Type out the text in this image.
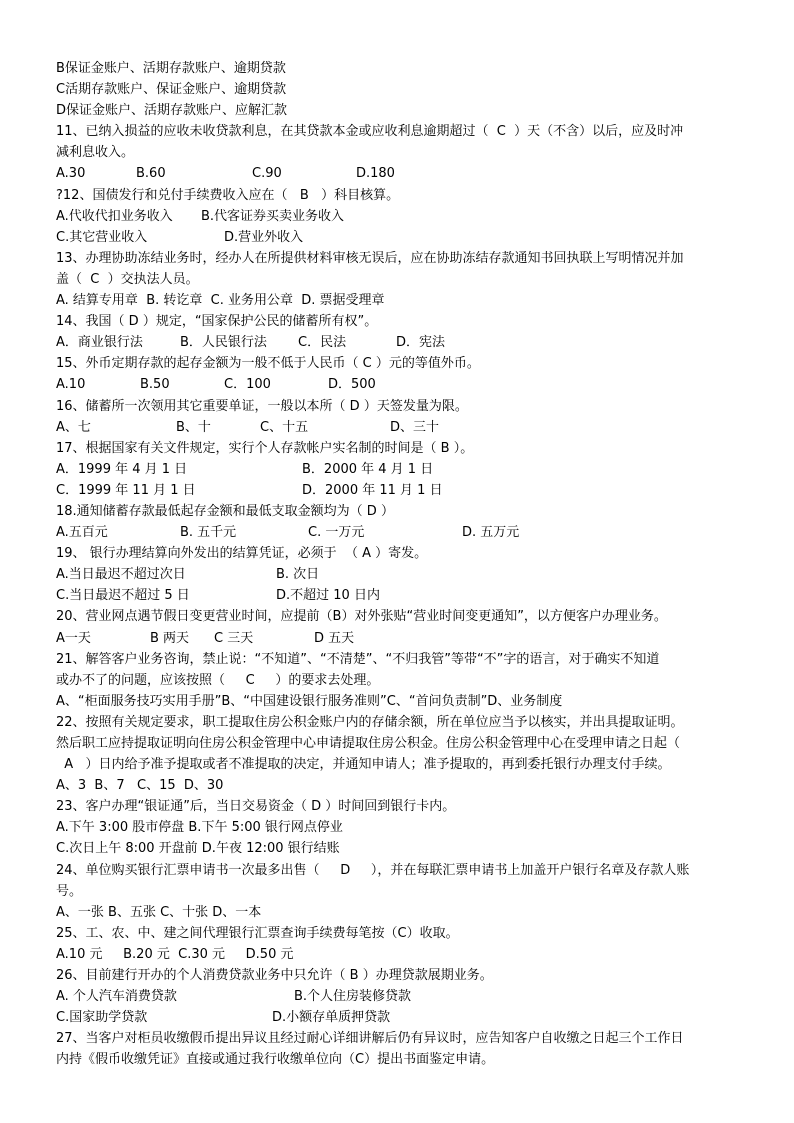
B保证金账户、活期存款账户、逾期贷款
C活期存款账户、保证金账户、逾期贷款
D保证金账户、活期存款账户、应解汇款
11、已纳入损益的应收未收贷款利息，在其贷款本金或应收利息逾期超过（  C  ）天（不含）以后，应及时冲
减利息收入。
A.30	B.60	C.90	D.180
?12、国债发行和兑付手续费收入应在（   B   ）科目核算。
A.代收代扣业务收入	B.代客证券买卖业务收入
C.其它营业收入	D.营业外收入
13、办理协助冻结业务时，经办人在所提供材料审核无误后，应在协助冻结存款通知书回执联上写明情况并加
盖（  C  ）交执法人员。
A. 结算专用章  B. 转讫章  C. 业务用公章  D. 票据受理章
14、我国（ D ）规定，“国家保护公民的储蓄所有权”。
A．商业银行法	B．人民银行法	C．民法	D．宪法
15、外币定期存款的起存金额为一般不低于人民币（ C ）元的等值外币。
A.10	B.50	C．100	D．500
16、储蓄所一次领用其它重要单证，一般以本所（ D ）天签发量为限。
A、七	B、十	C、十五	D、三十
17、根据国家有关文件规定，实行个人存款帐户实名制的时间是（ B ）。
A．1999 年 4 月 1 日	B．2000 年 4 月 1 日
C．1999 年 11 月 1 日	D．2000 年 11 月 1 日
18.通知储蓄存款最低起存金额和最低支取金额均为（ D ）
A.五百元	B. 五千元	C. 一万元	D. 五万元
19、 银行办理结算向外发出的结算凭证，必须于  （ A ）寄发。
A.当日最迟不超过次日	B. 次日
C.当日最迟不超过 5 日	D.不超过 10 日内
20、营业网点遇节假日变更营业时间，应提前（B）对外张贴“营业时间变更通知”，以方便客户办理业务。
A一天	B 两天	C 三天	D 五天
21、解答客户业务咨询，禁止说：“不知道”、“不清楚”、“不归我管”等带“不”字的语言，对于确实不知道
或办不了的问题，应该按照（     C     ）的要求去处理。
A、“柜面服务技巧实用手册”B、“中国建设银行服务准则”C、“首问负责制”D、业务制度
22、按照有关规定要求，职工提取住房公积金账户内的存储余额，所在单位应当予以核实，并出具提取证明。
然后职工应持提取证明向住房公积金管理中心申请提取住房公积金。住房公积金管理中心在受理申请之日起（
A   ）日内给予准予提取或者不准提取的决定，并通知申请人；准予提取的，再到委托银行办理支付手续。
A、3  B、7   C、15  D、30
23、客户办理“银证通”后，当日交易资金（ D ）时间回到银行卡内。
A.下午 3:00 股市停盘 B.下午 5:00 银行网点停业
C.次日上午 8:00 开盘前 D.午夜 12:00 银行结账
24、单位购买银行汇票申请书一次最多出售（     D     ），并在每联汇票申请书上加盖开户银行名章及存款人账
号。
A、一张 B、五张 C、十张 D、一本
25、工、农、中、建之间代理银行汇票查询手续费每笔按（C）收取。
A.10 元     B.20 元  C.30 元     D.50 元
26、目前建行开办的个人消费贷款业务中只允许（ B ）办理贷款展期业务。
A. 个人汽车消费贷款	B.个人住房装修贷款
C.国家助学贷款	D.小额存单质押贷款
27、当客户对柜员收缴假币提出异议且经过耐心详细讲解后仍有异议时，应告知客户自收缴之日起三个工作日
内持《假币收缴凭证》直接或通过我行收缴单位向（C）提出书面鉴定申请。
